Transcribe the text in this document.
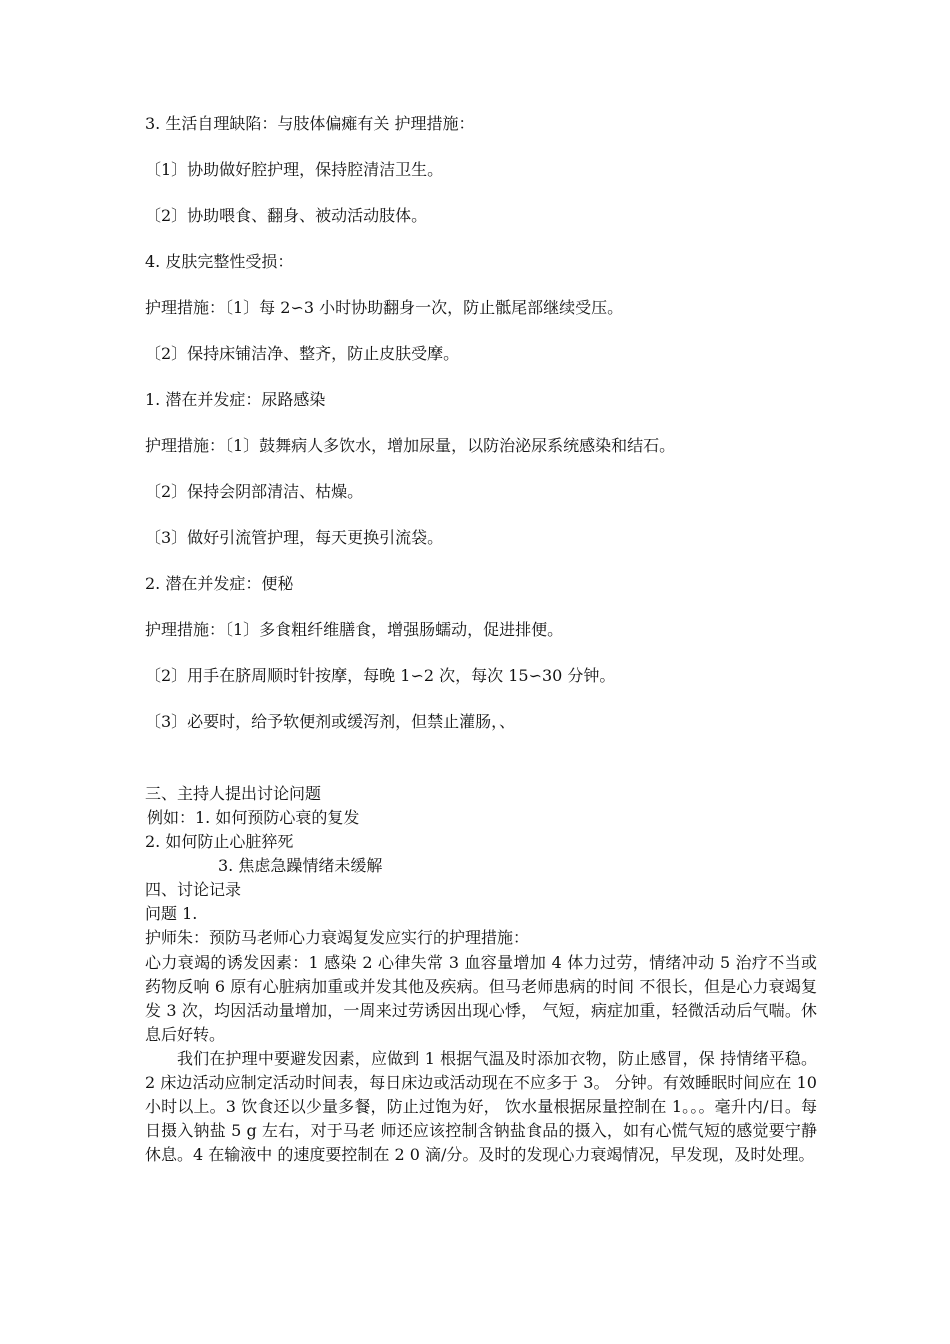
3. 生活自理缺陷：与肢体偏瘫有关 护理措施：
〔1〕协助做好腔护理，保持腔清洁卫生。
〔2〕协助喂食、翻身、被动活动肢体。
4. 皮肤完整性受损：
护理措施：〔1〕每 2∽3 小时协助翻身一次，防止骶尾部继续受压。
〔2〕保持床铺洁净、整齐，防止皮肤受摩。
1. 潜在并发症：尿路感染
护理措施：〔1〕鼓舞病人多饮水，增加尿量，以防治泌尿系统感染和结石。
〔2〕保持会阴部清洁、枯燥。
〔3〕做好引流管护理，每天更换引流袋。
2. 潜在并发症：便秘
护理措施：〔1〕多食粗纤维膳食，增强肠蠕动，促进排便。
〔2〕用手在脐周顺时针按摩，每晚 1∽2 次，每次 15∽30 分钟。
〔3〕必要时，给予软便剂或缓泻剂，但禁止灌肠，、
三、主持人提出讨论问题
例如：1. 如何预防心衰的复发
2. 如何防止心脏猝死
3. 焦虑急躁情绪未缓解
四、讨论记录
问题 1.
护师朱：预防马老师心力衰竭复发应实行的护理措施：
心力衰竭的诱发因素：1 感染 2 心律失常 3 血容量增加 4 体力过劳，情绪冲动 5 治疗不当或药物反响 6 原有心脏病加重或并发其他及疾病。但马老师患病的时间 不很长，但是心力衰竭复发 3 次，均因活动量增加，一周来过劳诱因出现心悸， 气短，病症加重，轻微活动后气喘。休息后好转。
我们在护理中要避发因素，应做到 1 根据气温及时添加衣物，防止感冒，保 持情绪平稳。2 床边活动应制定活动时间表，每日床边或活动现在不应多于 3。 分钟。有效睡眠时间应在 10 小时以上。3 饮食还以少量多餐，防止过饱为好， 饮水量根据尿量控制在 1。。。毫升内/日。每日摄入钠盐 5 g 左右，对于马老 师还应该控制含钠盐食品的摄入，如有心慌气短的感觉要宁静休息。4 在输液中 的速度要控制在 2 0 滴/分。及时的发现心力衰竭情况，早发现，及时处理。
